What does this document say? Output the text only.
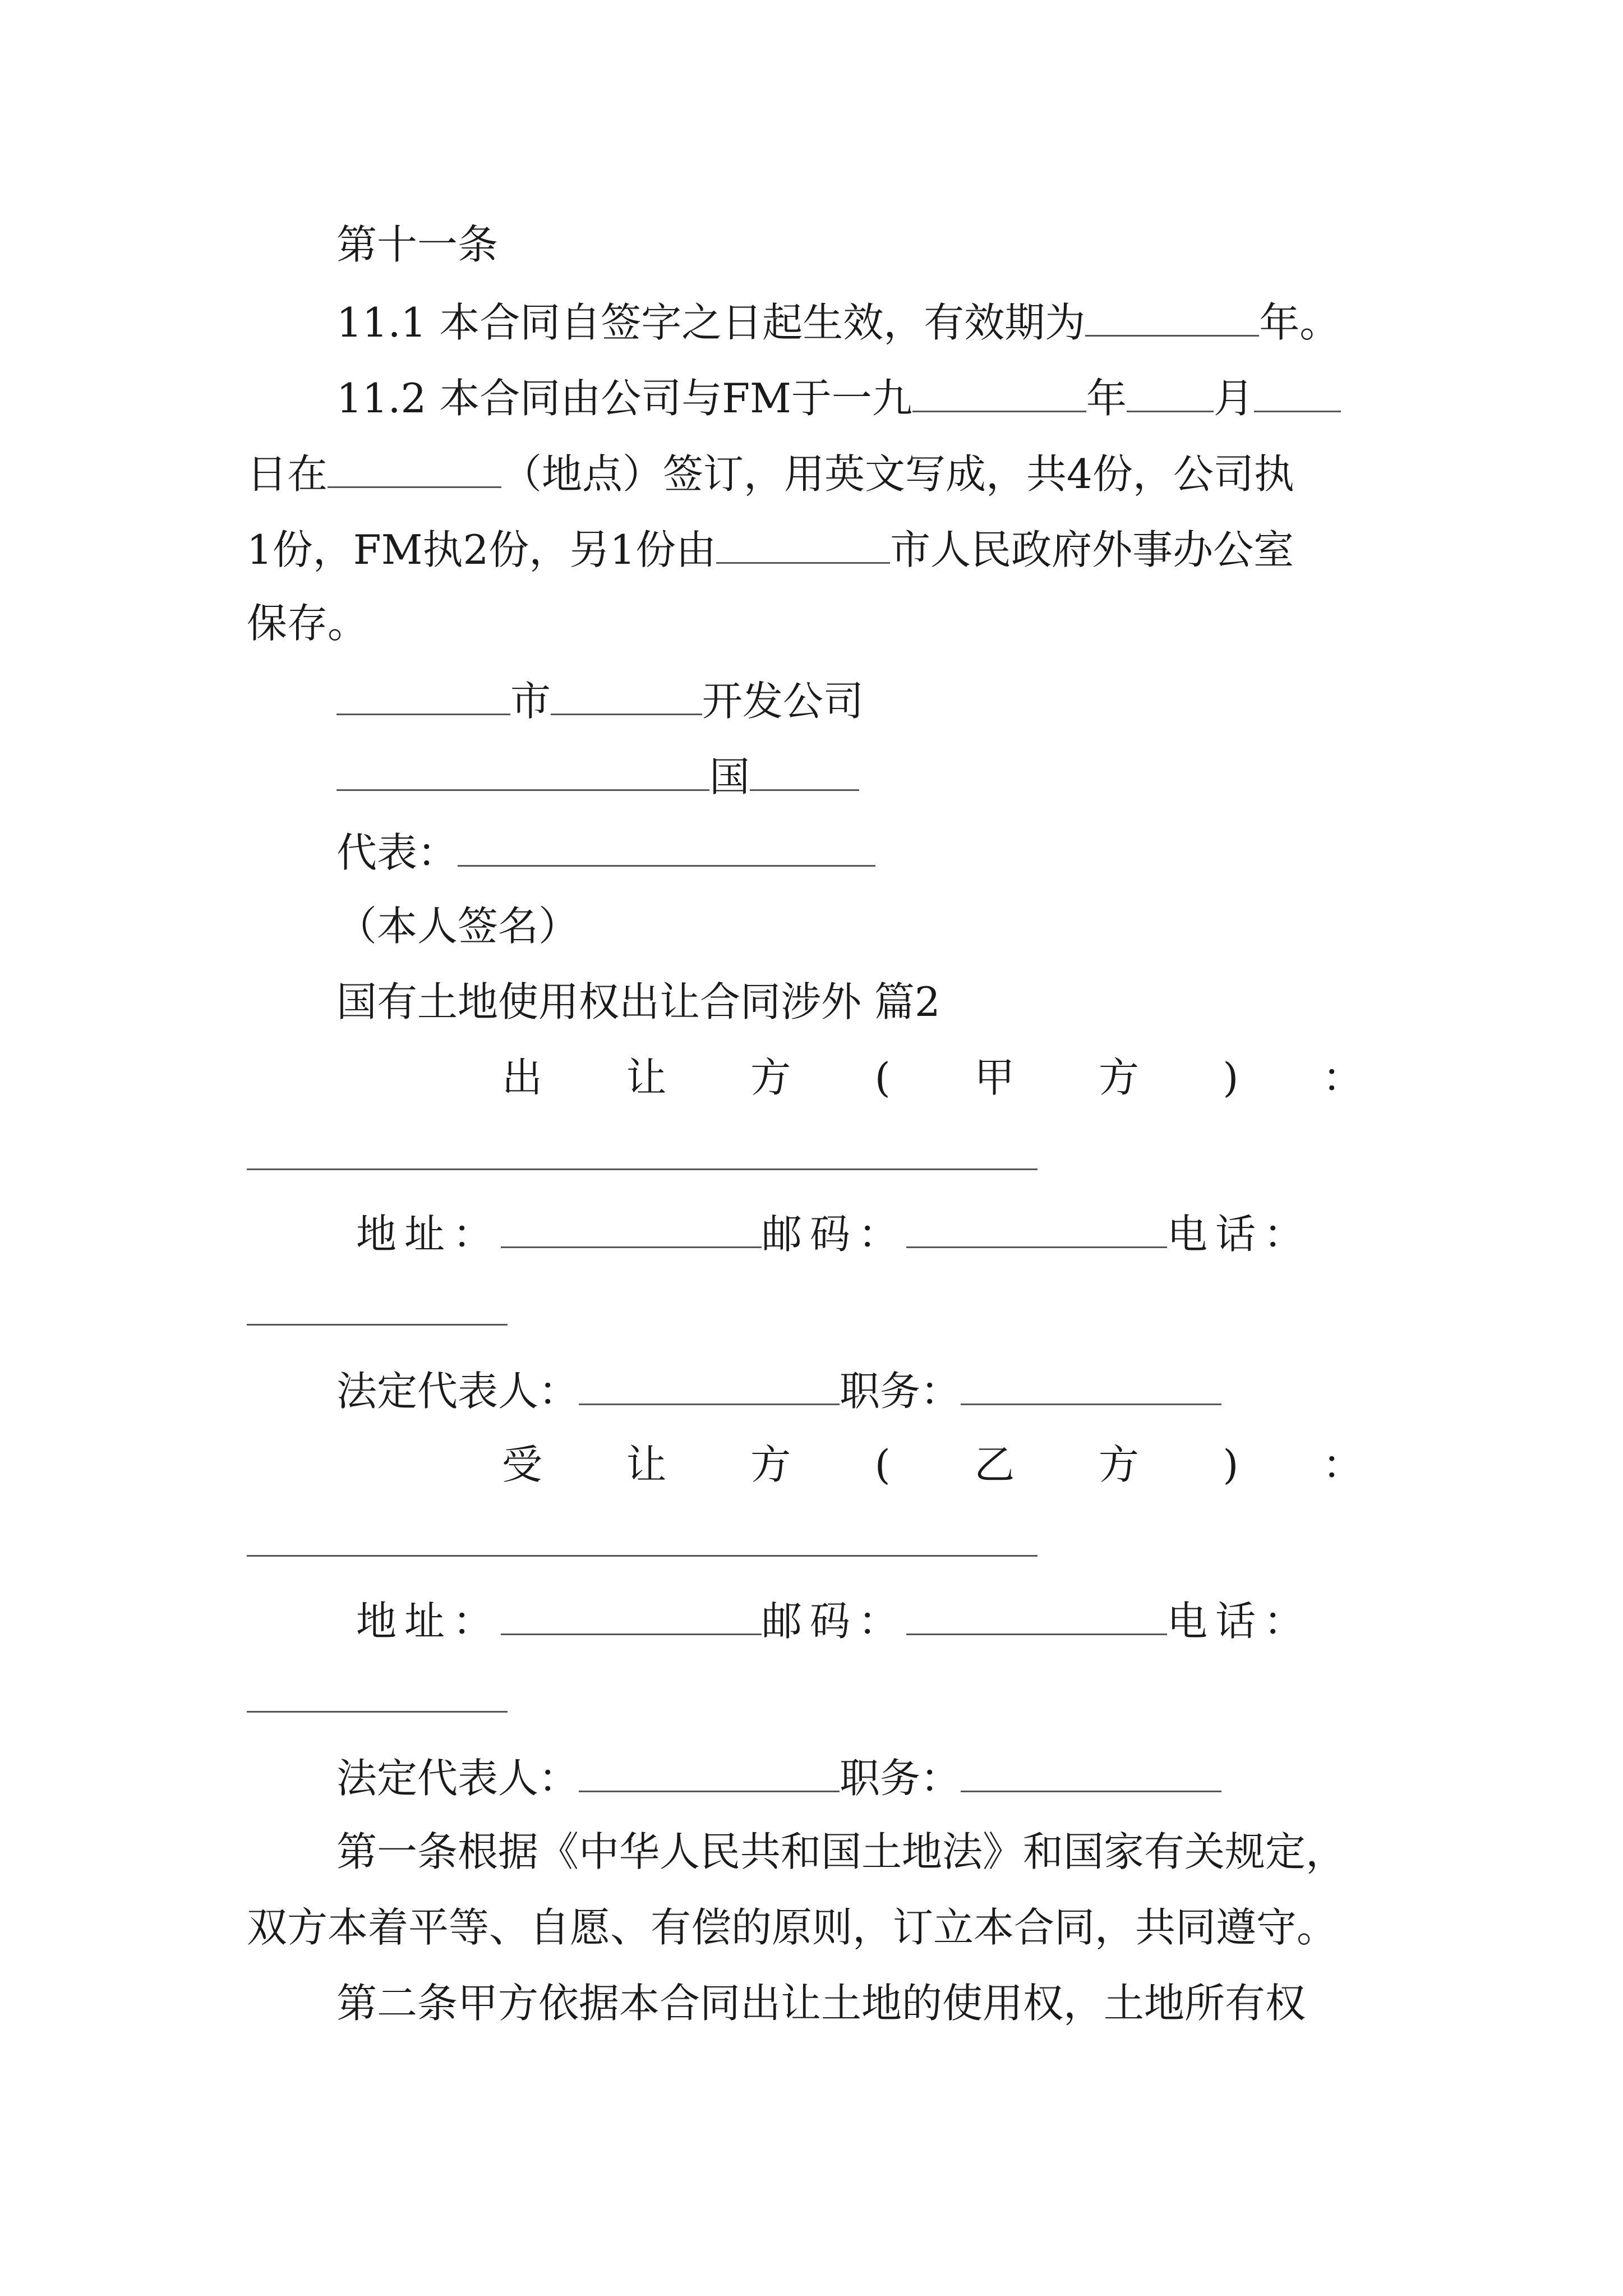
第十一条
11.1 本合同自签字之日起生效，有效期为	年。
11.2 本合同由公司与FM于一九	年 月
日在	（地点）签订，用英文写成，共4份，公司执
1份，FM执2份，另1份由	市人民政府外事办公室
保存。
市	开发公司
国
代表：
（本人签名）
国有土地使用权出让合同涉外 篇2
出 让 方 ( 甲 方 ) ：
地址：	邮码：	电话：
法定代表人：	职务：
受 让 方 ( 乙 方 ) ：
地址：	邮码：	电话：
法定代表人：	职务：
第一条根据《中华人民共和国土地法》和国家有关规定，
双方本着平等、自愿、有偿的原则，订立本合同，共同遵守。
第二条甲方依据本合同出让土地的使用权，土地所有权
